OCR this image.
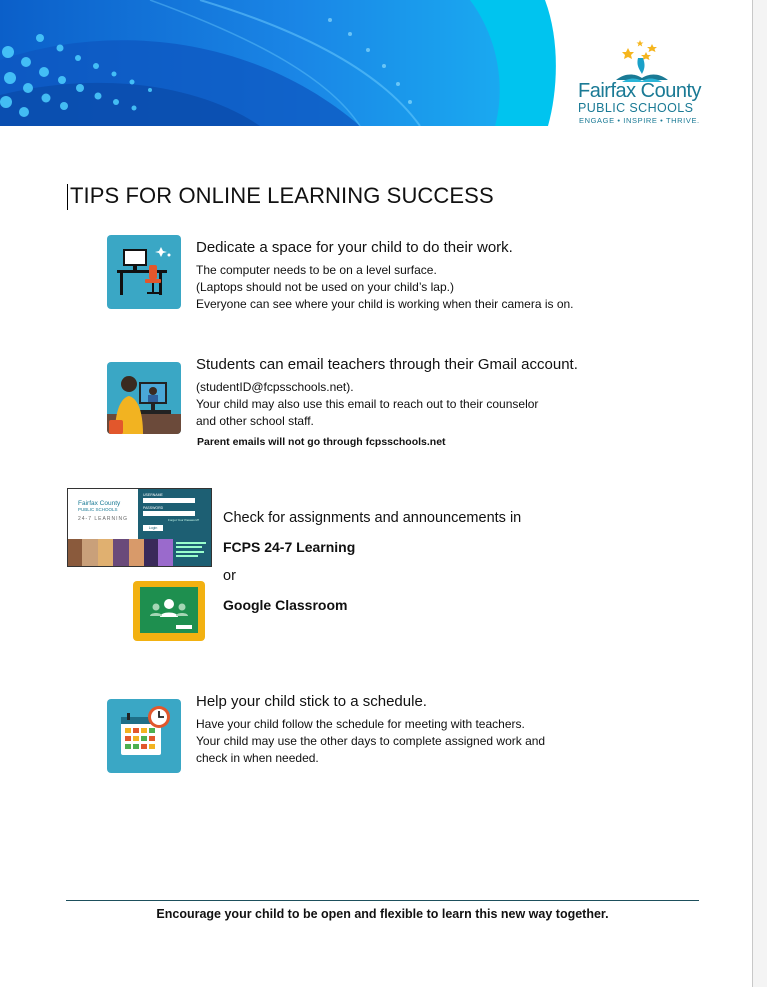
Fairfax County
PUBLIC SCHOOLS
ENGAGE • INSPIRE • THRIVE.
TIPS FOR ONLINE LEARNING SUCCESS
Dedicate a space for your child to do their work.
The computer needs to be on a level surface.
(Laptops should not be used on your child’s lap.)
Everyone can see where your child is working when their camera is on.
Students can email teachers through their Gmail account.
(studentID@fcpsschools.net).
Your child may also use this email to reach out to their counselor
and other school staff.
Parent emails will not go through fcpsschools.net
Fairfax County
PUBLIC SCHOOLS
24-7 LEARNING
USERNAME
PASSWORD
Forgot Your Password?
Login
Check for assignments and announcements in
FCPS 24-7 Learning
or
Google Classroom
Help your child stick to a schedule.
Have your child follow the schedule for meeting with teachers.
Your child may use the other days to complete assigned work and
check in when needed.
Encourage your child to be open and flexible to learn this new way together.
